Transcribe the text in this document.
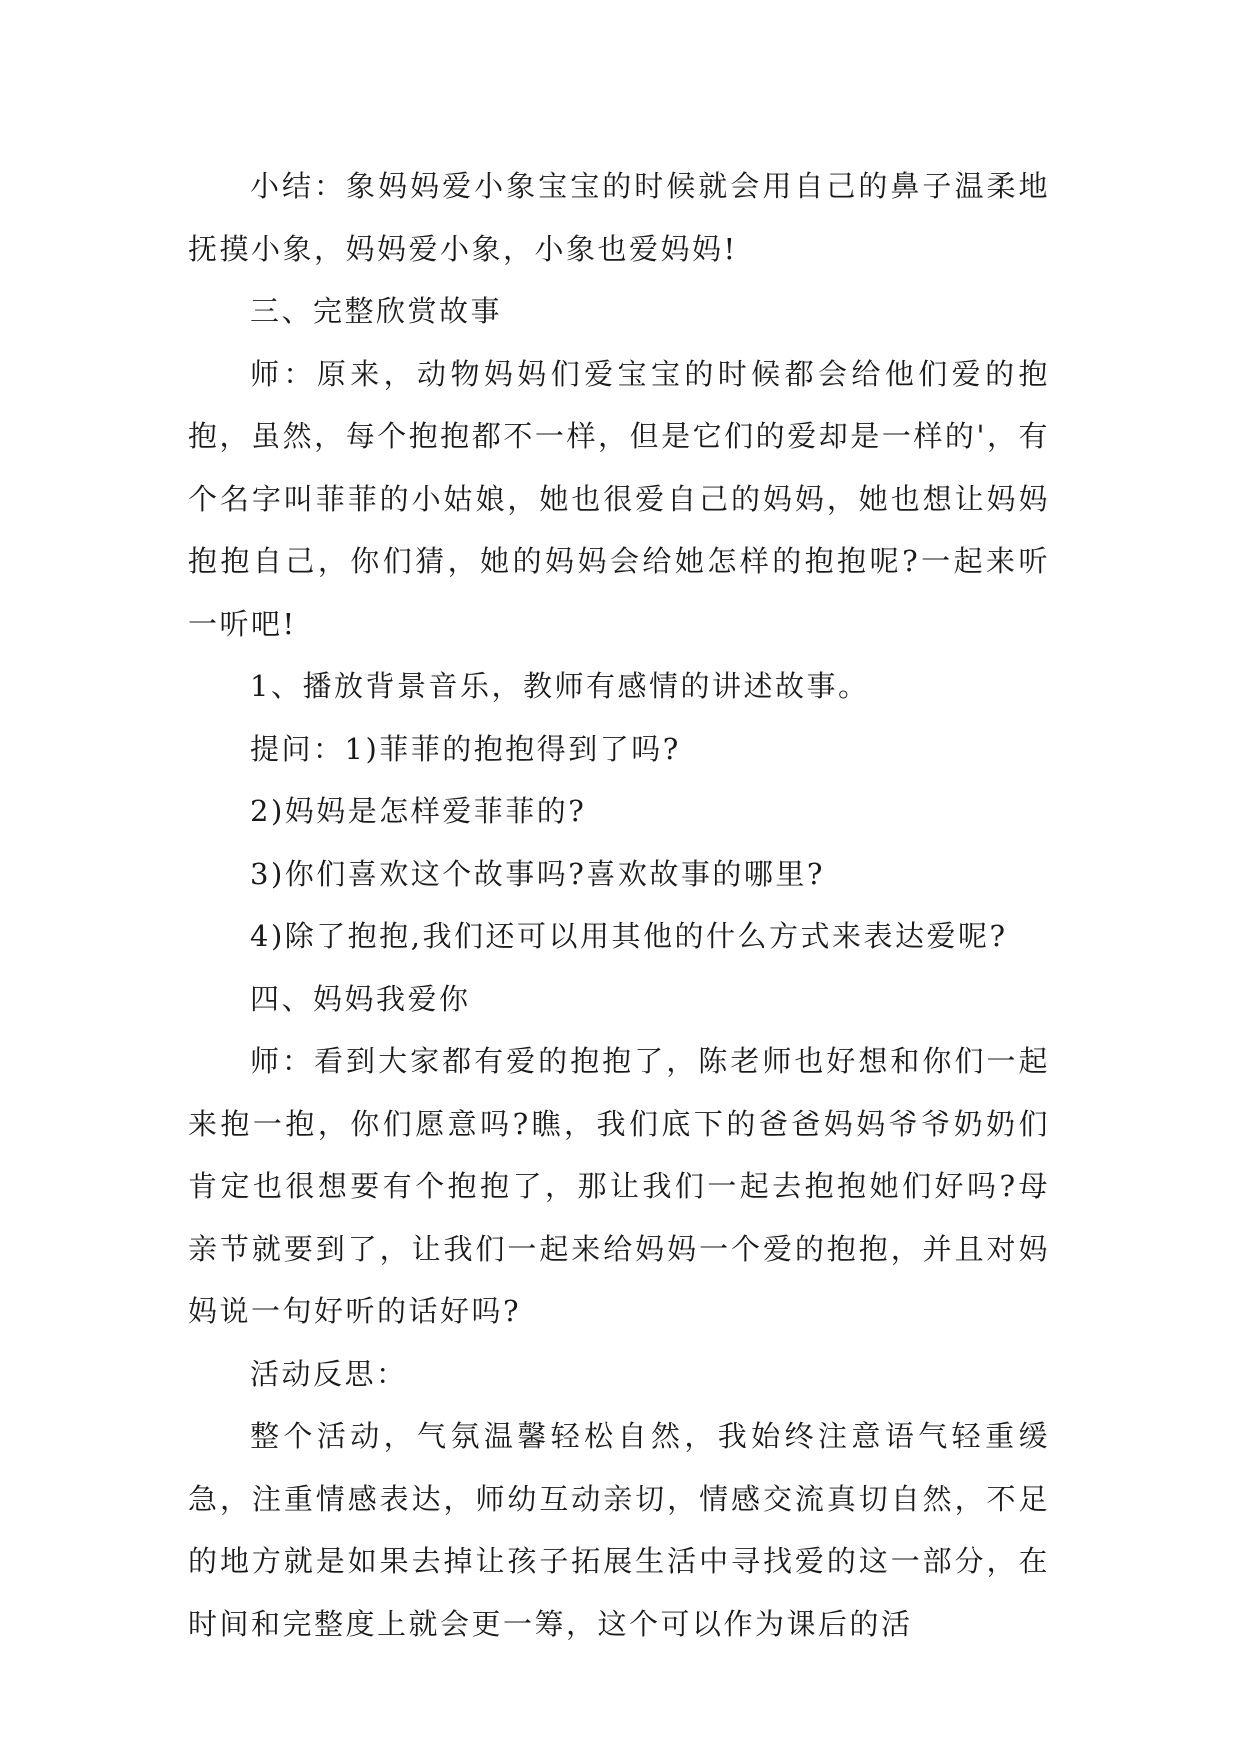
小结：象妈妈爱小象宝宝的时候就会用自己的鼻子温柔地抚摸小象，妈妈爱小象，小象也爱妈妈!

三、完整欣赏故事

师：原来，动物妈妈们爱宝宝的时候都会给他们爱的抱抱，虽然，每个抱抱都不一样，但是它们的爱却是一样的'，有个名字叫菲菲的小姑娘，她也很爱自己的妈妈，她也想让妈妈抱抱自己，你们猜，她的妈妈会给她怎样的抱抱呢?一起来听一听吧!

1、播放背景音乐，教师有感情的讲述故事。

提问：1)菲菲的抱抱得到了吗?

2)妈妈是怎样爱菲菲的?

3)你们喜欢这个故事吗?喜欢故事的哪里?

4)除了抱抱,我们还可以用其他的什么方式来表达爱呢?

四、妈妈我爱你

师：看到大家都有爱的抱抱了，陈老师也好想和你们一起来抱一抱，你们愿意吗?瞧，我们底下的爸爸妈妈爷爷奶奶们肯定也很想要有个抱抱了，那让我们一起去抱抱她们好吗?母亲节就要到了，让我们一起来给妈妈一个爱的抱抱，并且对妈妈说一句好听的话好吗?

活动反思：

整个活动，气氛温馨轻松自然，我始终注意语气轻重缓急，注重情感表达，师幼互动亲切，情感交流真切自然，不足的地方就是如果去掉让孩子拓展生活中寻找爱的这一部分，在时间和完整度上就会更一筹，这个可以作为课后的活
